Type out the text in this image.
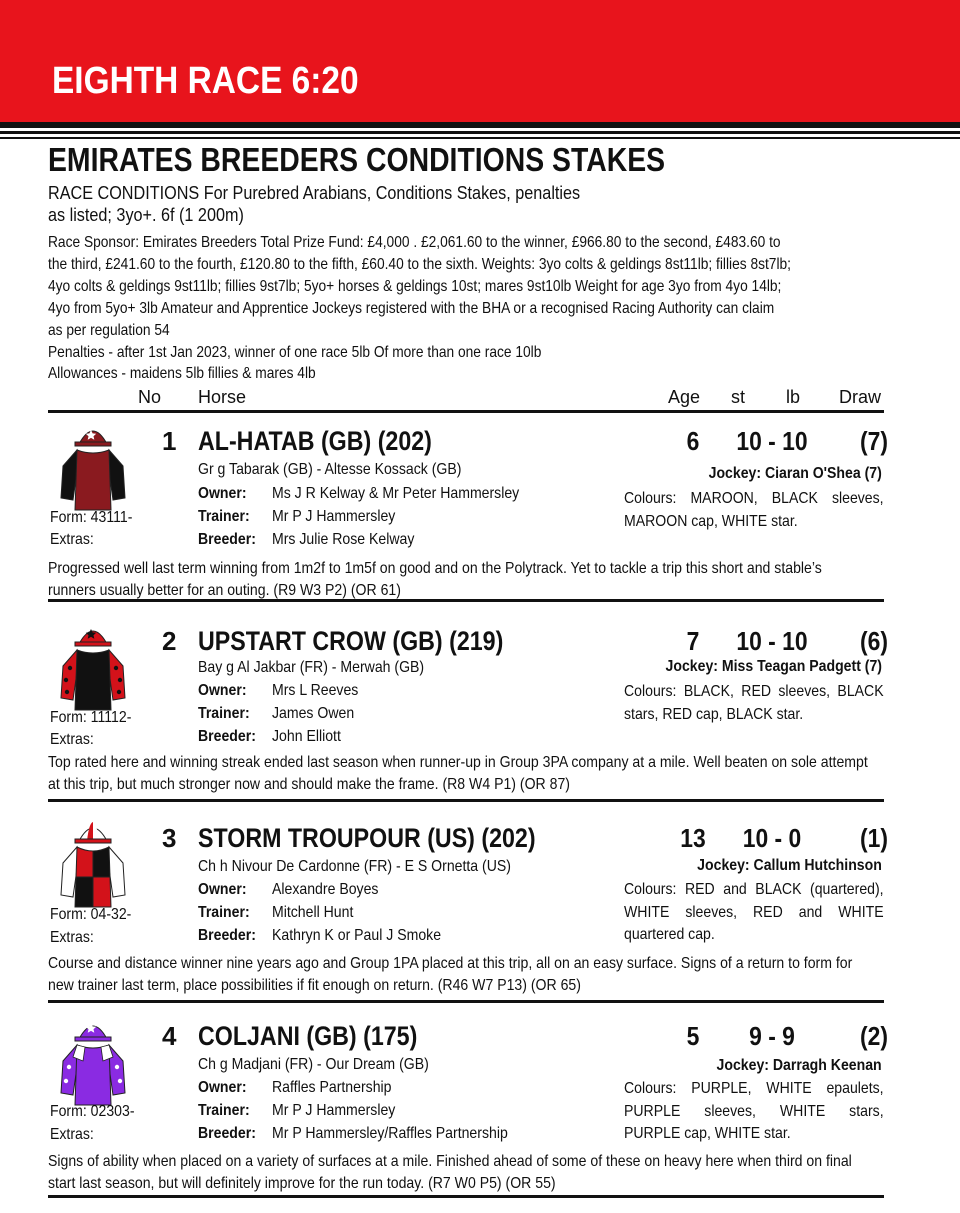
EIGHTH RACE 6:20
EMIRATES BREEDERS CONDITIONS STAKES
RACE CONDITIONS For Purebred Arabians, Conditions Stakes, penalties
as listed; 3yo+. 6f (1 200m)
Race Sponsor: Emirates Breeders Total Prize Fund: £4,000 . £2,061.60 to the winner, £966.80 to the second, £483.60 to
the third, £241.60 to the fourth, £120.80 to the fifth, £60.40 to the sixth. Weights: 3yo colts & geldings 8st11lb; fillies 8st7lb;
4yo colts & geldings 9st11lb; fillies 9st7lb; 5yo+ horses & geldings 10st; mares 9st10lb Weight for age 3yo from 4yo 14lb;
4yo from 5yo+ 3lb Amateur and Apprentice Jockeys registered with the BHA or a recognised Racing Authority can claim
as per regulation 54
Penalties - after 1st Jan 2023, winner of one race 5lb Of more than one race 10lb
Allowances - maidens 5lb fillies & mares 4lb
No Horse	Age st lb Draw
1 AL-HATAB (GB) (202)	6	10 - 10	(7)
Gr g Tabarak (GB) - Altesse Kossack (GB)
Owner: Ms J R Kelway & Mr Peter Hammersley
Trainer: Mr P J Hammersley
Breeder: Mrs Julie Rose Kelway
Form: 43111-
Extras:
Jockey: Ciaran O'Shea (7)
Colours: MAROON, BLACK sleeves, MAROON cap, WHITE star.
Progressed well last term winning from 1m2f to 1m5f on good and on the Polytrack. Yet to tackle a trip this short and stable’s runners usually better for an outing. (R9 W3 P2) (OR 61)
2 UPSTART CROW (GB) (219)	7	10 - 10	(6)
Bay g Al Jakbar (FR) - Merwah (GB)
Owner: Mrs L Reeves
Trainer: James Owen
Breeder: John Elliott
Form: 11112-
Extras:
Jockey: Miss Teagan Padgett (7)
Colours: BLACK, RED sleeves, BLACK stars, RED cap, BLACK star.
Top rated here and winning streak ended last season when runner-up in Group 3PA company at a mile. Well beaten on sole attempt at this trip, but much stronger now and should make the frame. (R8 W4 P1) (OR 87)
3 STORM TROUPOUR (US) (202)	13	10 - 0	(1)
Ch h Nivour De Cardonne (FR) - E S Ornetta (US)
Owner: Alexandre Boyes
Trainer: Mitchell Hunt
Breeder: Kathryn K or Paul J Smoke
Form: 04-32-
Extras:
Jockey: Callum Hutchinson
Colours: RED and BLACK (quartered), WHITE sleeves, RED and WHITE quartered cap.
Course and distance winner nine years ago and Group 1PA placed at this trip, all on an easy surface. Signs of a return to form for new trainer last term, place possibilities if fit enough on return. (R46 W7 P13) (OR 65)
4 COLJANI (GB) (175)	5	9 - 9	(2)
Ch g Madjani (FR) - Our Dream (GB)
Owner: Raffles Partnership
Trainer: Mr P J Hammersley
Breeder: Mr P Hammersley/Raffles Partnership
Form: 02303-
Extras:
Jockey: Darragh Keenan
Colours: PURPLE, WHITE epaulets, PURPLE sleeves, WHITE stars, PURPLE cap, WHITE star.
Signs of ability when placed on a variety of surfaces at a mile. Finished ahead of some of these on heavy here when third on final start last season, but will definitely improve for the run today. (R7 W0 P5) (OR 55)
